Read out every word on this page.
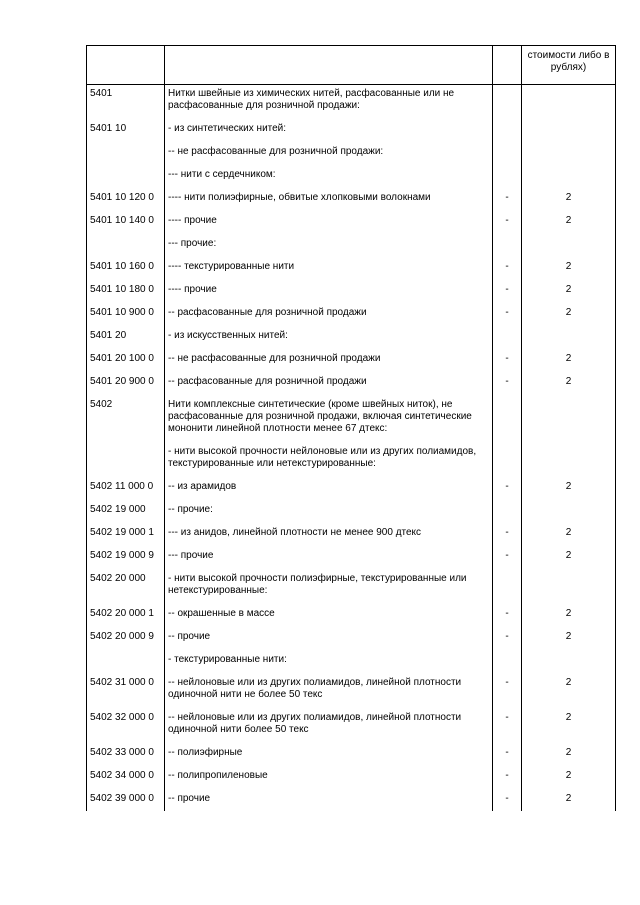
			стоимости либо в рублях)
5401	Нитки швейные из химических нитей, расфасованные или не расфасованные для розничной продажи:		
5401 10	- из синтетических нитей:		
	-- не расфасованные для розничной продажи:		
	--- нити с сердечником:		
5401 10 120 0	---- нити полиэфирные, обвитые хлопковыми волокнами	-	2
5401 10 140 0	---- прочие	-	2
	--- прочие:		
5401 10 160 0	---- текстурированные нити	-	2
5401 10 180 0	---- прочие	-	2
5401 10 900 0	-- расфасованные для розничной продажи	-	2
5401 20	- из искусственных нитей:		
5401 20 100 0	-- не расфасованные для розничной продажи	-	2
5401 20 900 0	-- расфасованные для розничной продажи	-	2
5402	Нити комплексные синтетические (кроме швейных ниток), не расфасованные для розничной продажи, включая синтетические мононити линейной плотности менее 67 дтекс:		
	- нити высокой прочности нейлоновые или из других полиамидов, текстурированные или нетекстурированные:		
5402 11 000 0	-- из арамидов	-	2
5402 19 000	-- прочие:		
5402 19 000 1	--- из анидов, линейной плотности не менее 900 дтекс	-	2
5402 19 000 9	--- прочие	-	2
5402 20 000	- нити высокой прочности полиэфирные, текстурированные или нетекстурированные:		
5402 20 000 1	-- окрашенные в массе	-	2
5402 20 000 9	-- прочие	-	2
	- текстурированные нити:		
5402 31 000 0	-- нейлоновые или из других полиамидов, линейной плотности одиночной нити не более 50 текс	-	2
5402 32 000 0	-- нейлоновые или из других полиамидов, линейной плотности одиночной нити более 50 текс	-	2
5402 33 000 0	-- полиэфирные	-	2
5402 34 000 0	-- полипропиленовые	-	2
5402 39 000 0	-- прочие	-	2
